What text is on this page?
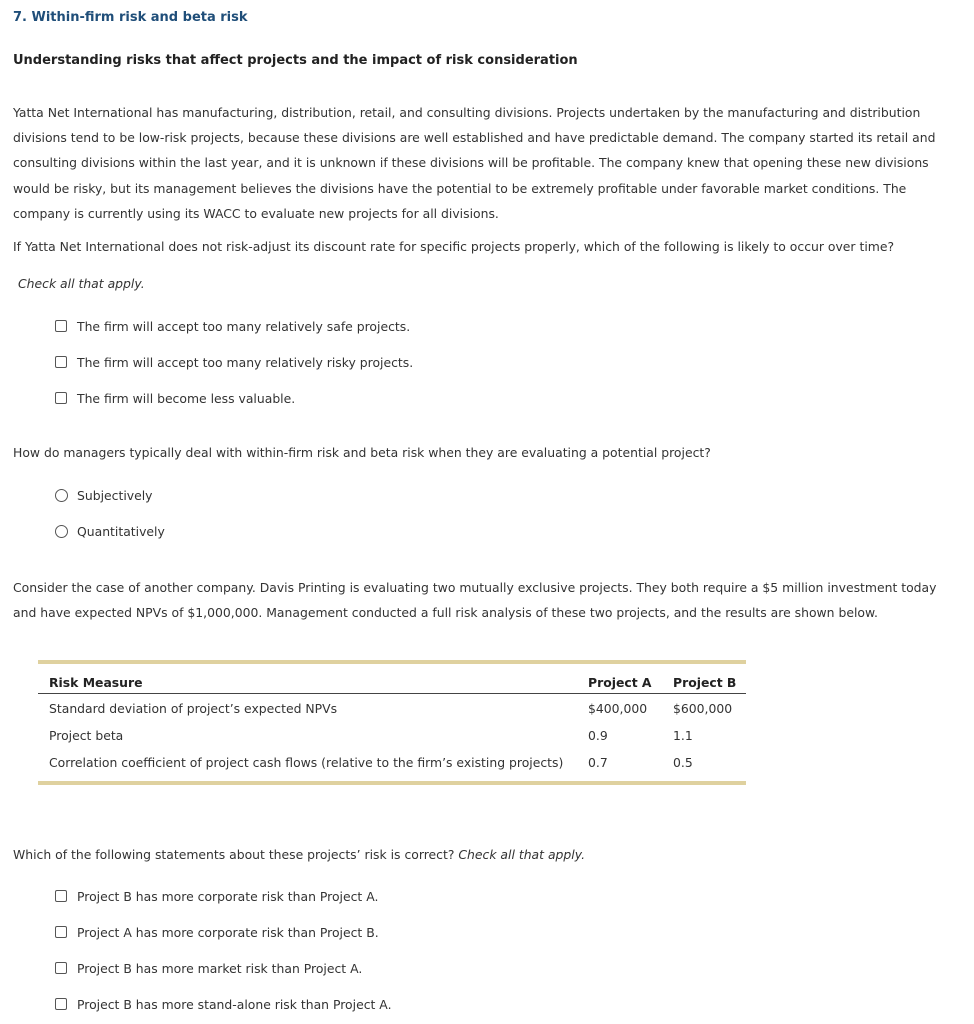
7. Within-firm risk and beta risk
Understanding risks that affect projects and the impact of risk consideration
Yatta Net International has manufacturing, distribution, retail, and consulting divisions. Projects undertaken by the manufacturing and distribution divisions tend to be low-risk projects, because these divisions are well established and have predictable demand. The company started its retail and consulting divisions within the last year, and it is unknown if these divisions will be profitable. The company knew that opening these new divisions would be risky, but its management believes the divisions have the potential to be extremely profitable under favorable market conditions. The company is currently using its WACC to evaluate new projects for all divisions.
If Yatta Net International does not risk-adjust its discount rate for specific projects properly, which of the following is likely to occur over time?
Check all that apply.
The firm will accept too many relatively safe projects.
The firm will accept too many relatively risky projects.
The firm will become less valuable.
How do managers typically deal with within-firm risk and beta risk when they are evaluating a potential project?
Subjectively
Quantitatively
Consider the case of another company. Davis Printing is evaluating two mutually exclusive projects. They both require a $5 million investment today and have expected NPVs of $1,000,000. Management conducted a full risk analysis of these two projects, and the results are shown below.
Risk Measure	Project A Project B
Standard deviation of project’s expected NPVs	$400,000 $600,000
Project beta	0.9	1.1
Correlation coefficient of project cash flows (relative to the firm’s existing projects) 0.7	0.5
Which of the following statements about these projects’ risk is correct? Check all that apply.
Project B has more corporate risk than Project A.
Project A has more corporate risk than Project B.
Project B has more market risk than Project A.
Project B has more stand-alone risk than Project A.
